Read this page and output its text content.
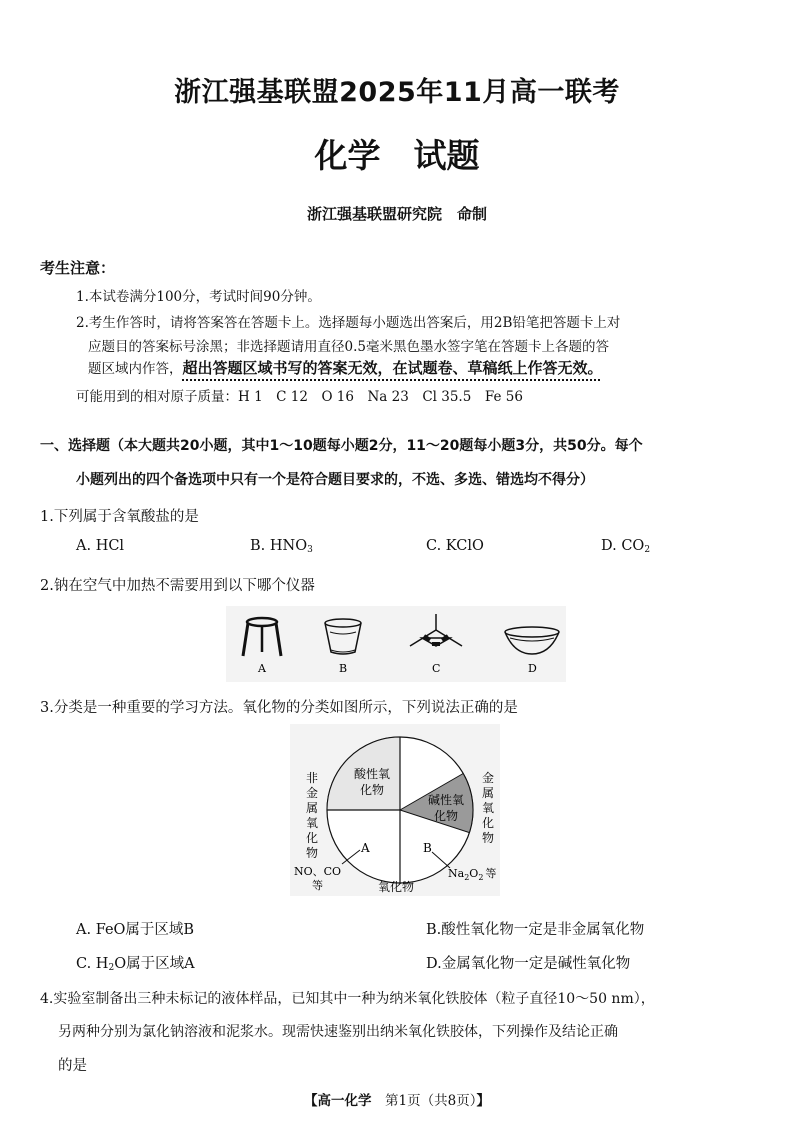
浙江强基联盟2025年11月高一联考
化学　试题
浙江强基联盟研究院　命制
考生注意：
1.本试卷满分100分，考试时间90分钟。
2.考生作答时，请将答案答在答题卡上。选择题每小题选出答案后，用2B铅笔把答题卡上对
应题目的答案标号涂黑；非选择题请用直径0.5毫米黑色墨水签字笔在答题卡上各题的答
题区域内作答，超出答题区域书写的答案无效，在试题卷、草稿纸上作答无效。
可能用到的相对原子质量：H 1　C 12　O 16　Na 23　Cl 35.5　Fe 56
一、选择题（本大题共20小题，其中1～10题每小题2分，11～20题每小题3分，共50分。每个
小题列出的四个备选项中只有一个是符合题目要求的，不选、多选、错选均不得分）
1.下列属于含氧酸盐的是
A. HCl	B. $HNO_3$	C. KClO	D. $CO_2$
2.钠在空气中加热不需要用到以下哪个仪器
A	B	C	D
3.分类是一种重要的学习方法。氧化物的分类如图所示，下列说法正确的是
酸性氧
化物
碱性氧
化物
非
金
属
氧
化
物
金
属
氧
化
物
A	B
NO、CO
等
$Na_2O_2$ 等
氧化物
A. FeO属于区域B	B.酸性氧化物一定是非金属氧化物
C. $H_2O$属于区域A	D.金属氧化物一定是碱性氧化物
4.实验室制备出三种未标记的液体样品，已知其中一种为纳米氧化铁胶体（粒子直径10～50 nm），
另两种分别为氯化钠溶液和泥浆水。现需快速鉴别出纳米氧化铁胶体，下列操作及结论正确
的是
【高一化学　 第1页（共8页）】
